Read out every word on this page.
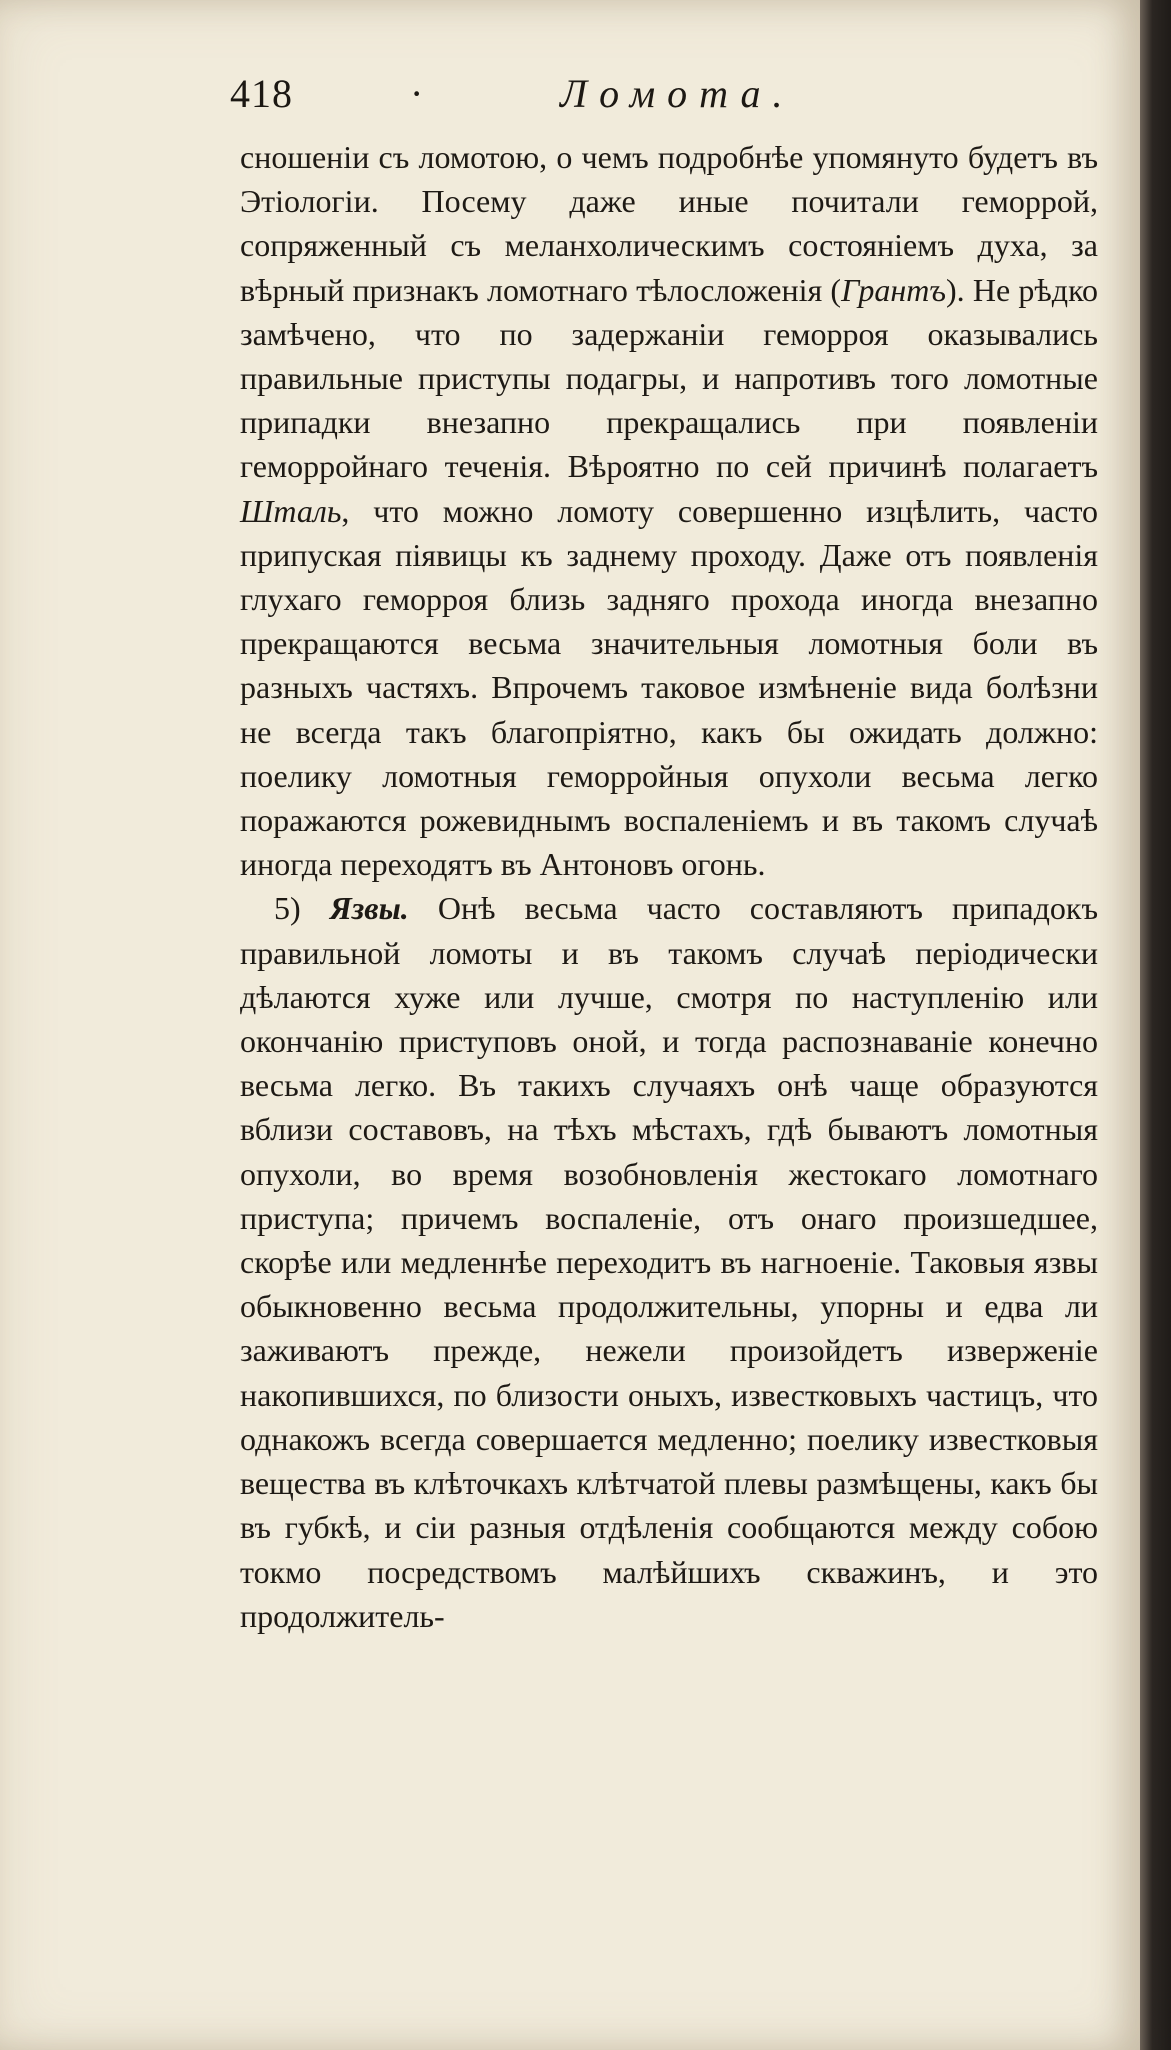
418	·	Ломота.

сношеніи съ ломотою, о чемъ подробнѣе упомянуто будетъ въ Этіологіи. Посему даже иные почитали геморрой, сопряженный съ меланхолическимъ состояніемъ духа, за вѣрный признакъ ломотнаго тѣлосложенія (Грантъ). Не рѣдко замѣчено, что по задержаніи геморроя оказывались правильные приступы подагры, и напротивъ того ломотные припадки внезапно прекращались при появленіи геморройнаго теченія. Вѣроятно по сей причинѣ полагаетъ Шталь, что можно ломоту совершенно изцѣлить, часто припуская піявицы къ заднему проходу. Даже отъ появленія глухаго геморроя близь задняго прохода иногда внезапно прекращаются весьма значительныя ломотныя боли въ разныхъ частяхъ. Впрочемъ таковое измѣненіе вида болѣзни не всегда такъ благопріятно, какъ бы ожидать должно: поелику ломотныя геморройныя опухоли весьма легко поражаются рожевиднымъ воспаленіемъ и въ такомъ случаѣ иногда переходятъ въ Антоновъ огонь.

5) Язвы. Онѣ весьма часто составляютъ припадокъ правильной ломоты и въ такомъ случаѣ періодически дѣлаются хуже или лучше, смотря по наступленію или окончанію приступовъ оной, и тогда распознаваніе конечно весьма легко. Въ такихъ случаяхъ онѣ чаще образуются вблизи составовъ, на тѣхъ мѣстахъ, гдѣ бываютъ ломотныя опухоли, во время возобновленія жестокаго ломотнаго приступа; причемъ воспаленіе, отъ онаго произшедшее, скорѣе или медленнѣе переходитъ въ нагноеніе. Таковыя язвы обыкновенно весьма продолжительны, упорны и едва ли заживаютъ прежде, нежели произойдетъ изверженіе накопившихся, по близости оныхъ, известковыхъ частицъ, что однакожъ всегда совершается медленно; поелику известковыя вещества въ клѣточкахъ клѣтчатой плевы размѣщены, какъ бы въ губкѣ, и сіи разныя отдѣленія сообщаются между собою токмо посредствомъ малѣйшихъ скважинъ, и это продолжитель-
